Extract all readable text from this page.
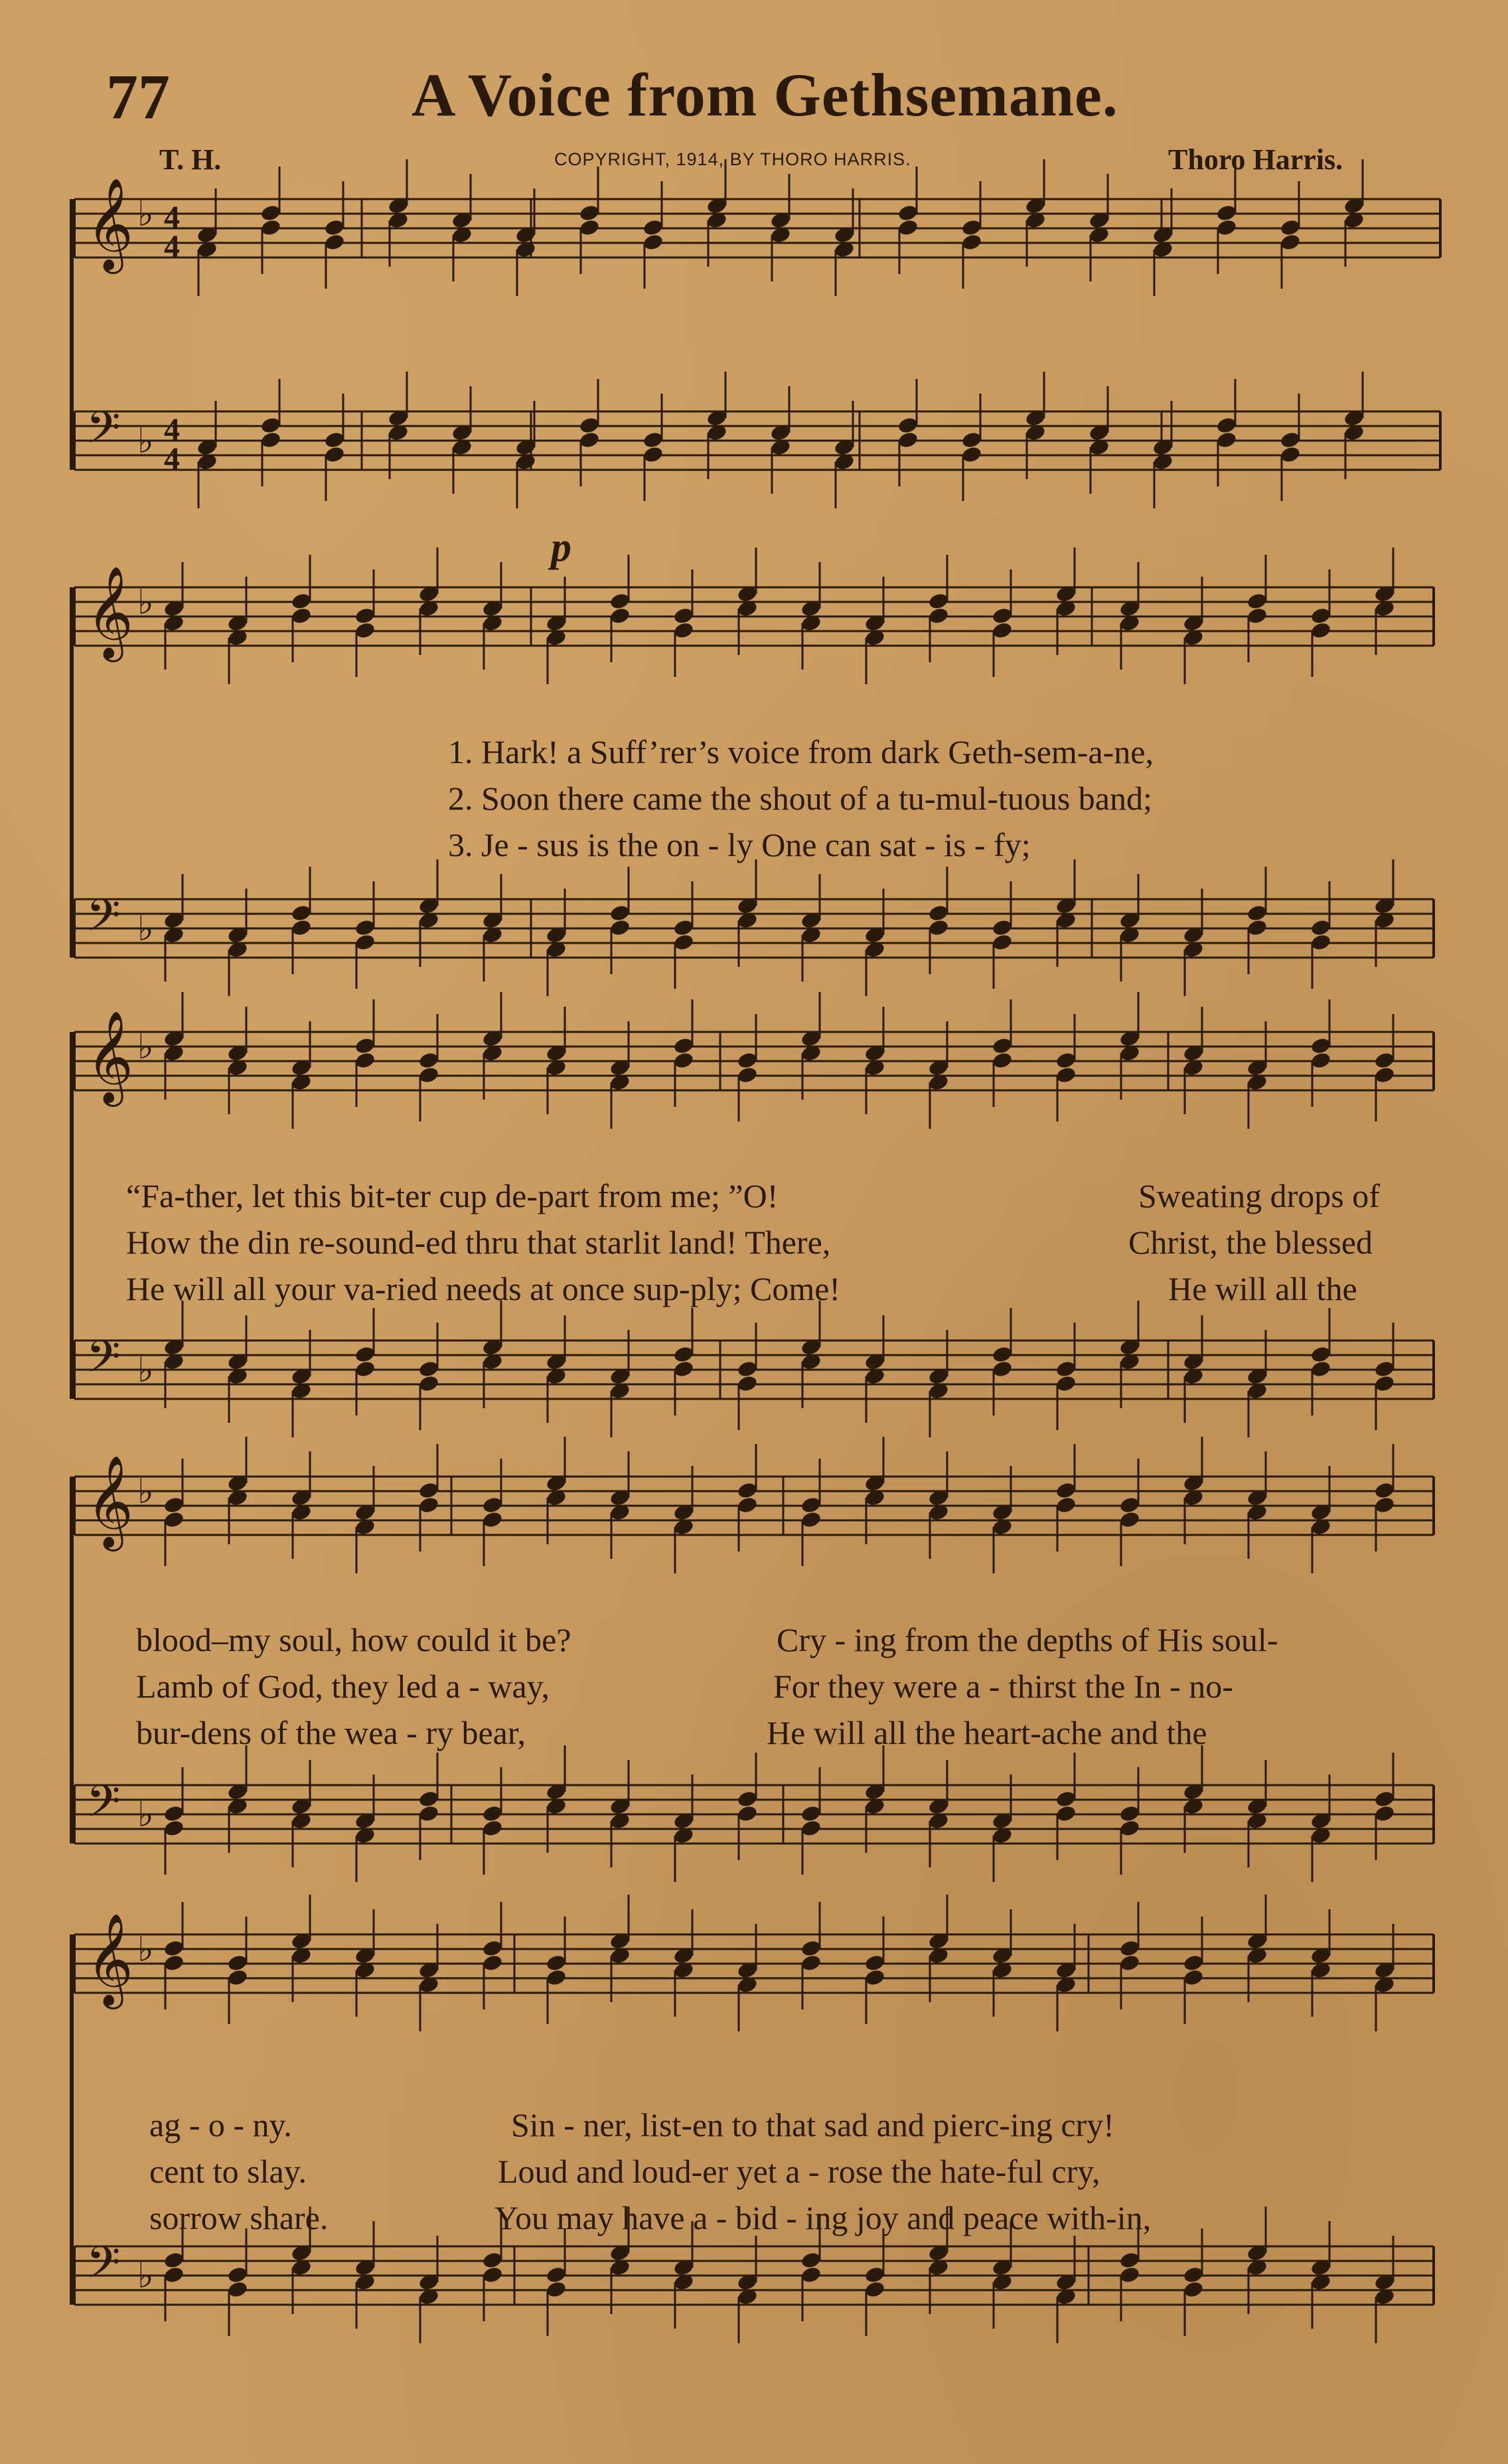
77	A Voice from Gethsemane.
T. H.	COPYRIGHT, 1914, BY THORO HARRIS.	Thoro Harris.
p
1. Hark! a Suff’rer’s voice from dark Geth-sem-a-ne,
2. Soon there came the shout of a tu-mul-tuous band;
3. Je - sus is the on - ly One can sat - is - fy;
“Fa-ther, let this bit-ter cup de-part from me; ”O!
How the din re-sound-ed thru that starlit land! There,
He will all your va-ried needs at once sup-ply; Come!
Sweating drops of
Christ, the blessed
He will all the
blood–my soul, how could it be?
Lamb of God, they led a - way,
bur-dens of the wea - ry bear,
Cry - ing from the depths of His soul-
For they were a - thirst the In - no-
He will all the heart-ache and the
ag - o - ny.
cent to slay.
sorrow share.
Sin - ner, list-en to that sad and pierc-ing cry!
Loud and loud-er yet a - rose the hate-ful cry,
You may have a - bid - ing joy and peace with-in,
𝄞 ♭ 4
4
𝄢 ♭ 4
4
𝄞 ♭
𝄢 ♭
𝄞 ♭
𝄢 ♭
𝄞 ♭
𝄢 ♭
𝄞 ♭
𝄢 ♭
